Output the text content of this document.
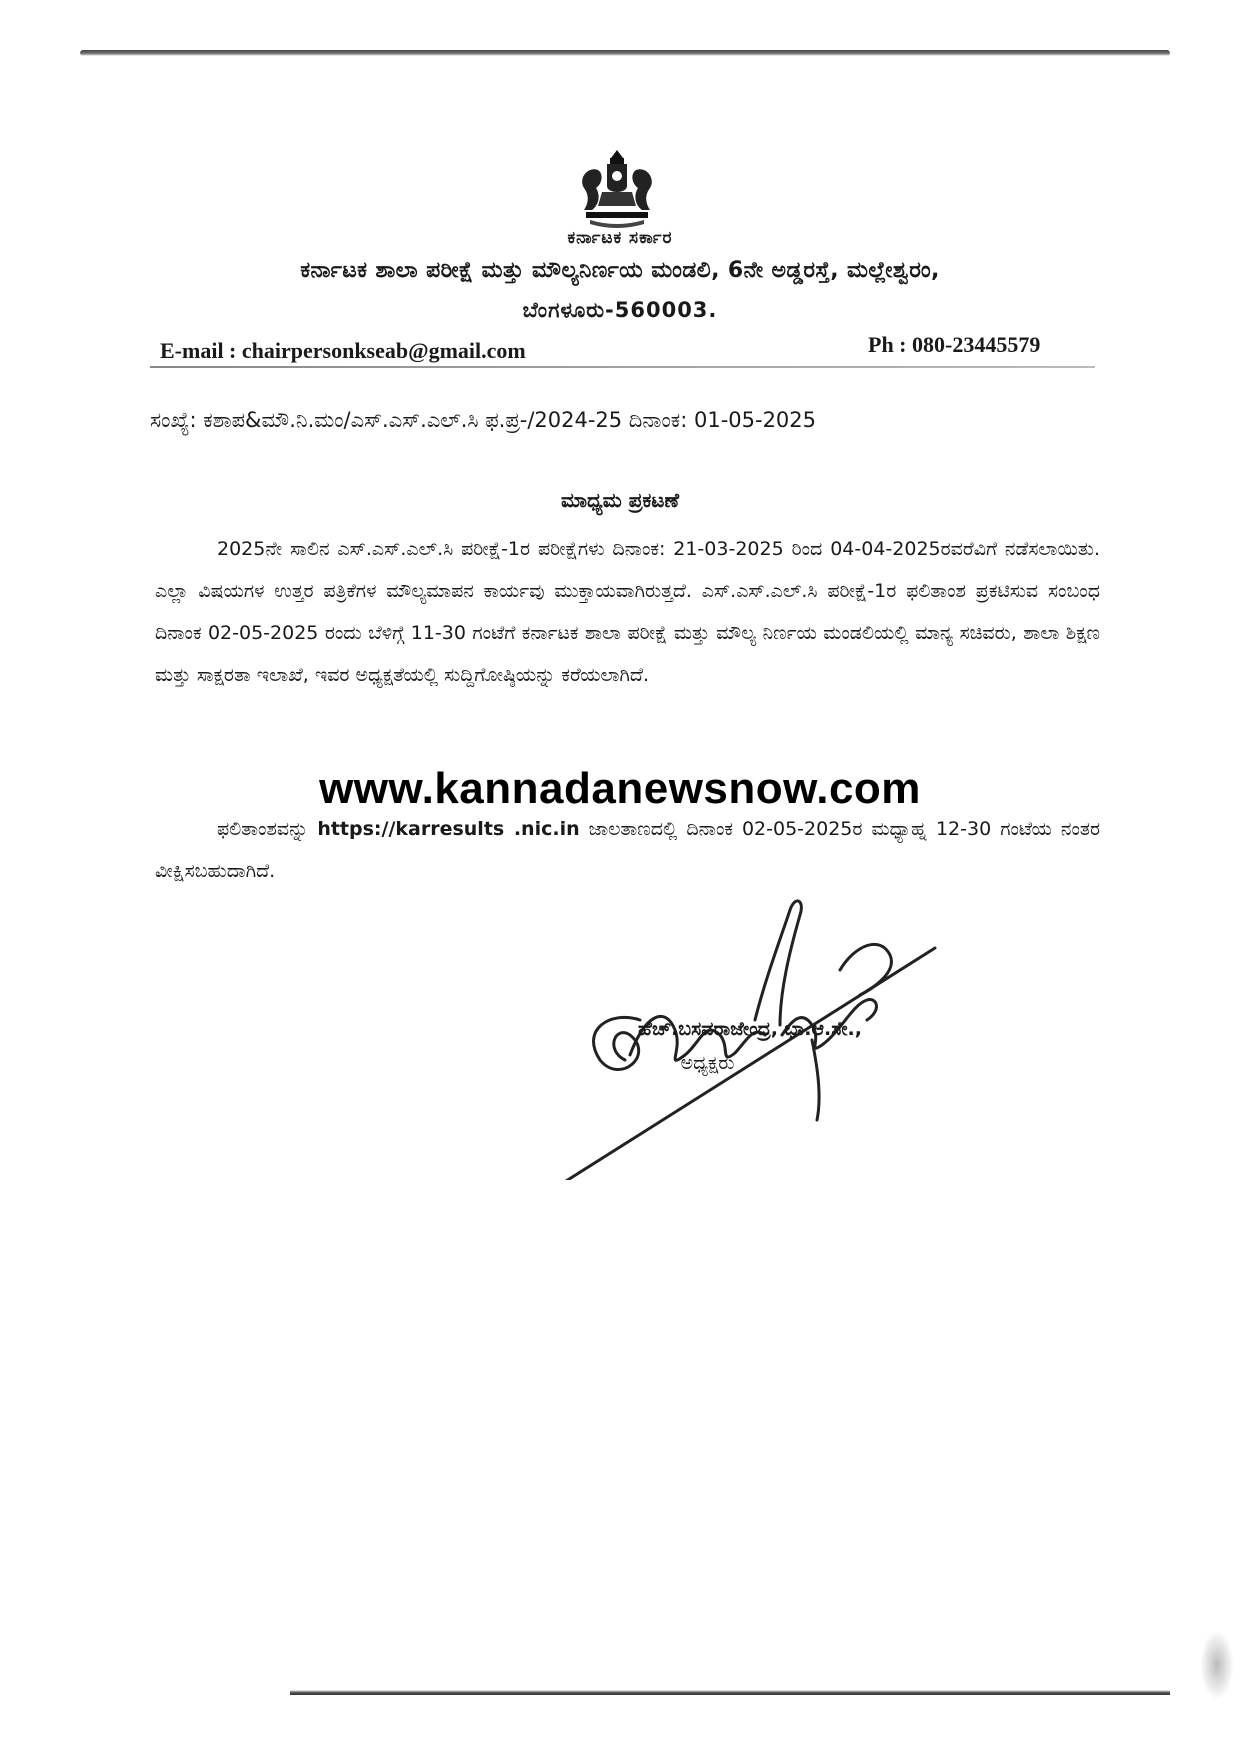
ಕರ್ನಾಟಕ ಸರ್ಕಾರ
ಕರ್ನಾಟಕ ಶಾಲಾ ಪರೀಕ್ಷೆ ಮತ್ತು ಮೌಲ್ಯನಿರ್ಣಯ ಮಂಡಲಿ, 6ನೇ ಅಡ್ಡರಸ್ತೆ, ಮಲ್ಲೇಶ್ವರಂ,
ಬೆಂಗಳೂರು-560003.
E-mail : chairpersonkseab@gmail.com	Ph : 080-23445579
ಸಂಖ್ಯೆ: ಕಶಾಪ&ಮೌ.ನಿ.ಮಂ/ಎಸ್.ಎಸ್.ಎಲ್.ಸಿ ಫ.ಪ್ರ-/2024-25 ದಿನಾಂಕ: 01-05-2025
ಮಾಧ್ಯಮ ಪ್ರಕಟಣೆ

2025ನೇ ಸಾಲಿನ ಎಸ್.ಎಸ್.ಎಲ್.ಸಿ ಪರೀಕ್ಷೆ-1ರ ಪರೀಕ್ಷೆಗಳು ದಿನಾಂಕ: 21-03-2025 ರಿಂದ 04-04-2025ರವರೆವಿಗೆ ನಡೆಸಲಾಯಿತು. ಎಲ್ಲಾ ವಿಷಯಗಳ ಉತ್ತರ ಪತ್ರಿಕೆಗಳ ಮೌಲ್ಯಮಾಪನ ಕಾರ್ಯವು ಮುಕ್ತಾಯವಾಗಿರುತ್ತದೆ. ಎಸ್.ಎಸ್.ಎಲ್.ಸಿ ಪರೀಕ್ಷೆ-1ರ ಫಲಿತಾಂಶ ಪ್ರಕಟಿಸುವ ಸಂಬಂಧ ದಿನಾಂಕ 02-05-2025 ರಂದು ಬೆಳಿಗ್ಗೆ 11-30 ಗಂಟೆಗೆ ಕರ್ನಾಟಕ ಶಾಲಾ ಪರೀಕ್ಷೆ ಮತ್ತು ಮೌಲ್ಯ ನಿರ್ಣಯ ಮಂಡಲಿಯಲ್ಲಿ ಮಾನ್ಯ ಸಚಿವರು, ಶಾಲಾ ಶಿಕ್ಷಣ ಮತ್ತು ಸಾಕ್ಷರತಾ ಇಲಾಖೆ, ಇವರ ಅಧ್ಯಕ್ಷತೆಯಲ್ಲಿ ಸುದ್ದಿಗೋಷ್ಠಿಯನ್ನು ಕರೆಯಲಾಗಿದೆ.

www.kannadanewsnow.com

ಫಲಿತಾಂಶವನ್ನು https://karresults .nic.in ಜಾಲತಾಣದಲ್ಲಿ ದಿನಾಂಕ 02-05-2025ರ ಮಧ್ಯಾಹ್ನ 12-30 ಗಂಟೆಯ ನಂತರ ವೀಕ್ಷಿಸಬಹುದಾಗಿದೆ.

ಹೆಚ್.ಬಸವರಾಜೇಂದ್ರ, ಭಾ.ಆ.ಸೇ.,
ಅಧ್ಯಕ್ಷರು
